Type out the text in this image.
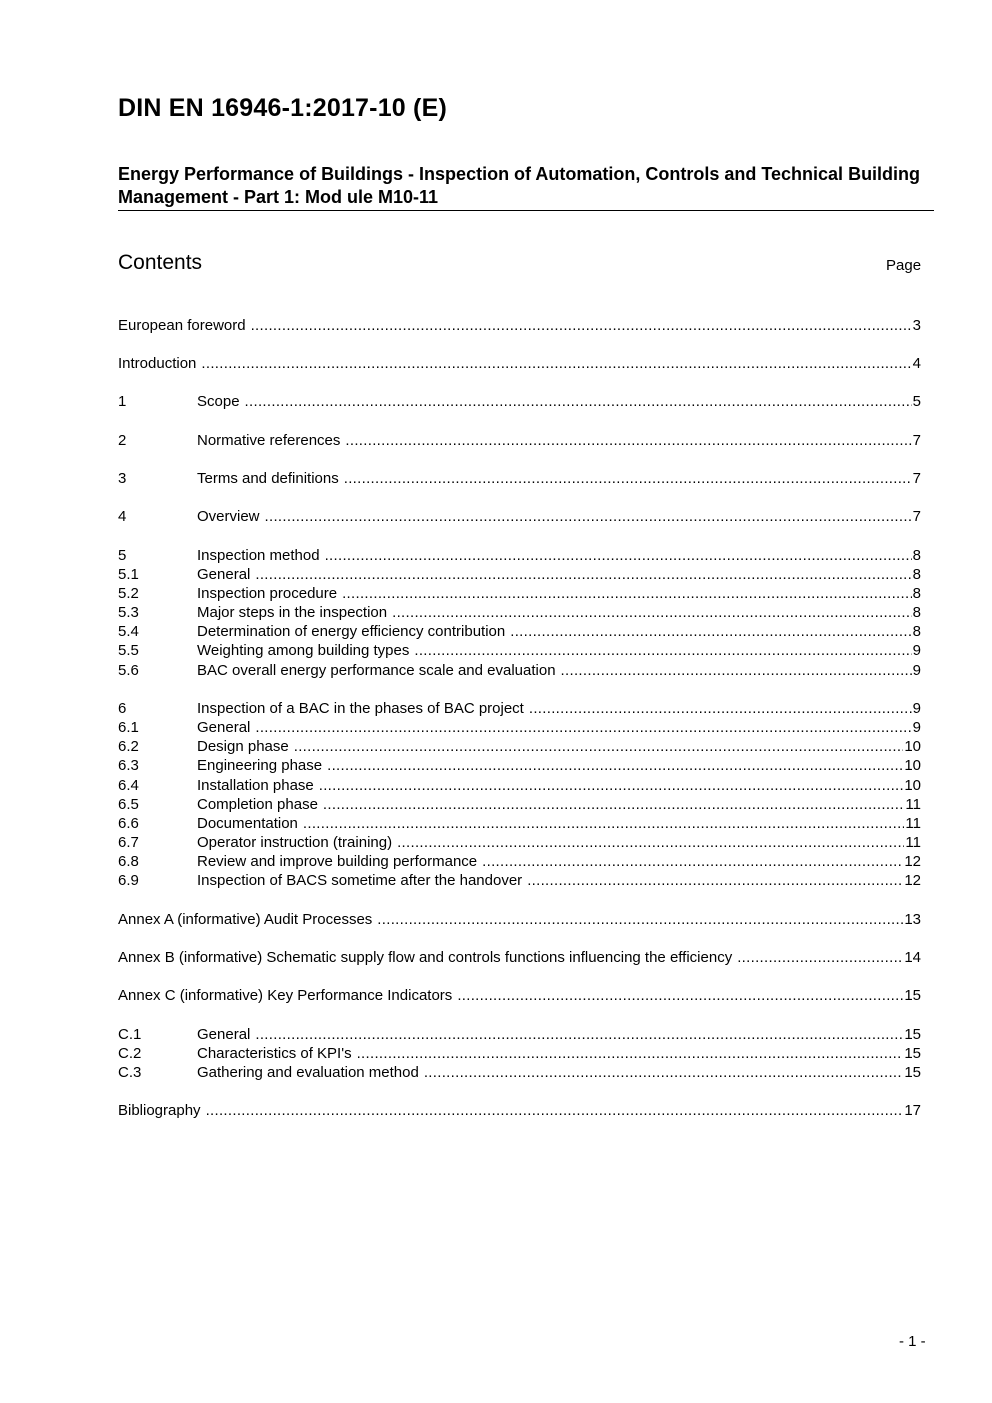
DIN EN 16946-1:2017-10 (E)
Energy Performance of Buildings - Inspection of Automation, Controls and Technical Building Management - Part 1: Mod ule M10-11
Contents	Page
European foreword .....	3
Introduction .....	4
1	Scope .....	5
2	Normative references .....	7
3	Terms and definitions .....	7
4	Overview .....	7
5	Inspection method .....	8
5.1	General .....	8
5.2	Inspection procedure .....	8
5.3	Major steps in the inspection .....	8
5.4	Determination of energy efficiency contribution .....	8
5.5	Weighting among building types .....	9
5.6	BAC overall energy performance scale and evaluation .....	9
6	Inspection of a BAC in the phases of BAC project .....	9
6.1	General .....	9
6.2	Design phase .....	10
6.3	Engineering phase .....	10
6.4	Installation phase .....	10
6.5	Completion phase .....	11
6.6	Documentation .....	11
6.7	Operator instruction (training) .....	11
6.8	Review and improve building performance .....	12
6.9	Inspection of BACS sometime after the handover .....	12
Annex A (informative) Audit Processes .....	13
Annex B (informative) Schematic supply flow and controls functions influencing the efficiency .....	14
Annex C (informative) Key Performance Indicators .....	15
C.1	General .....	15
C.2	Characteristics of KPI's .....	15
C.3	Gathering and evaluation method .....	15
Bibliography .....	17
- 1 -
